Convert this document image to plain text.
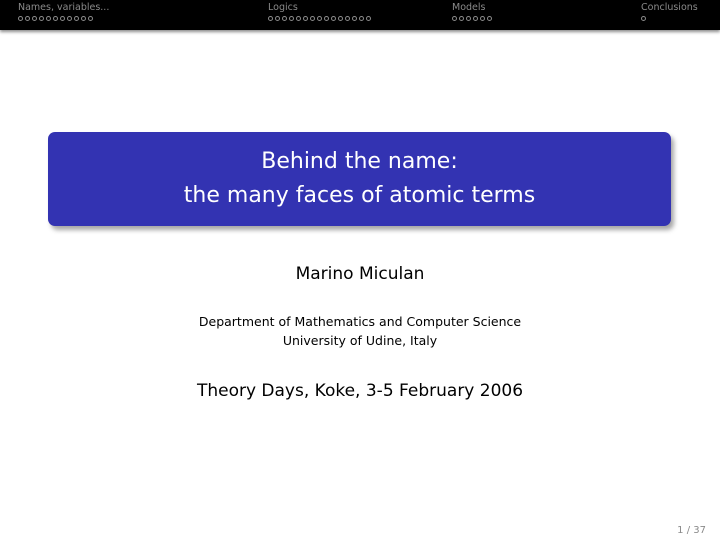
Names, variables...	Logics	Models	Conclusions
Behind the name:
the many faces of atomic terms
Marino Miculan
Department of Mathematics and Computer Science
University of Udine, Italy
Theory Days, Koke, 3-5 February 2006
1 / 37
